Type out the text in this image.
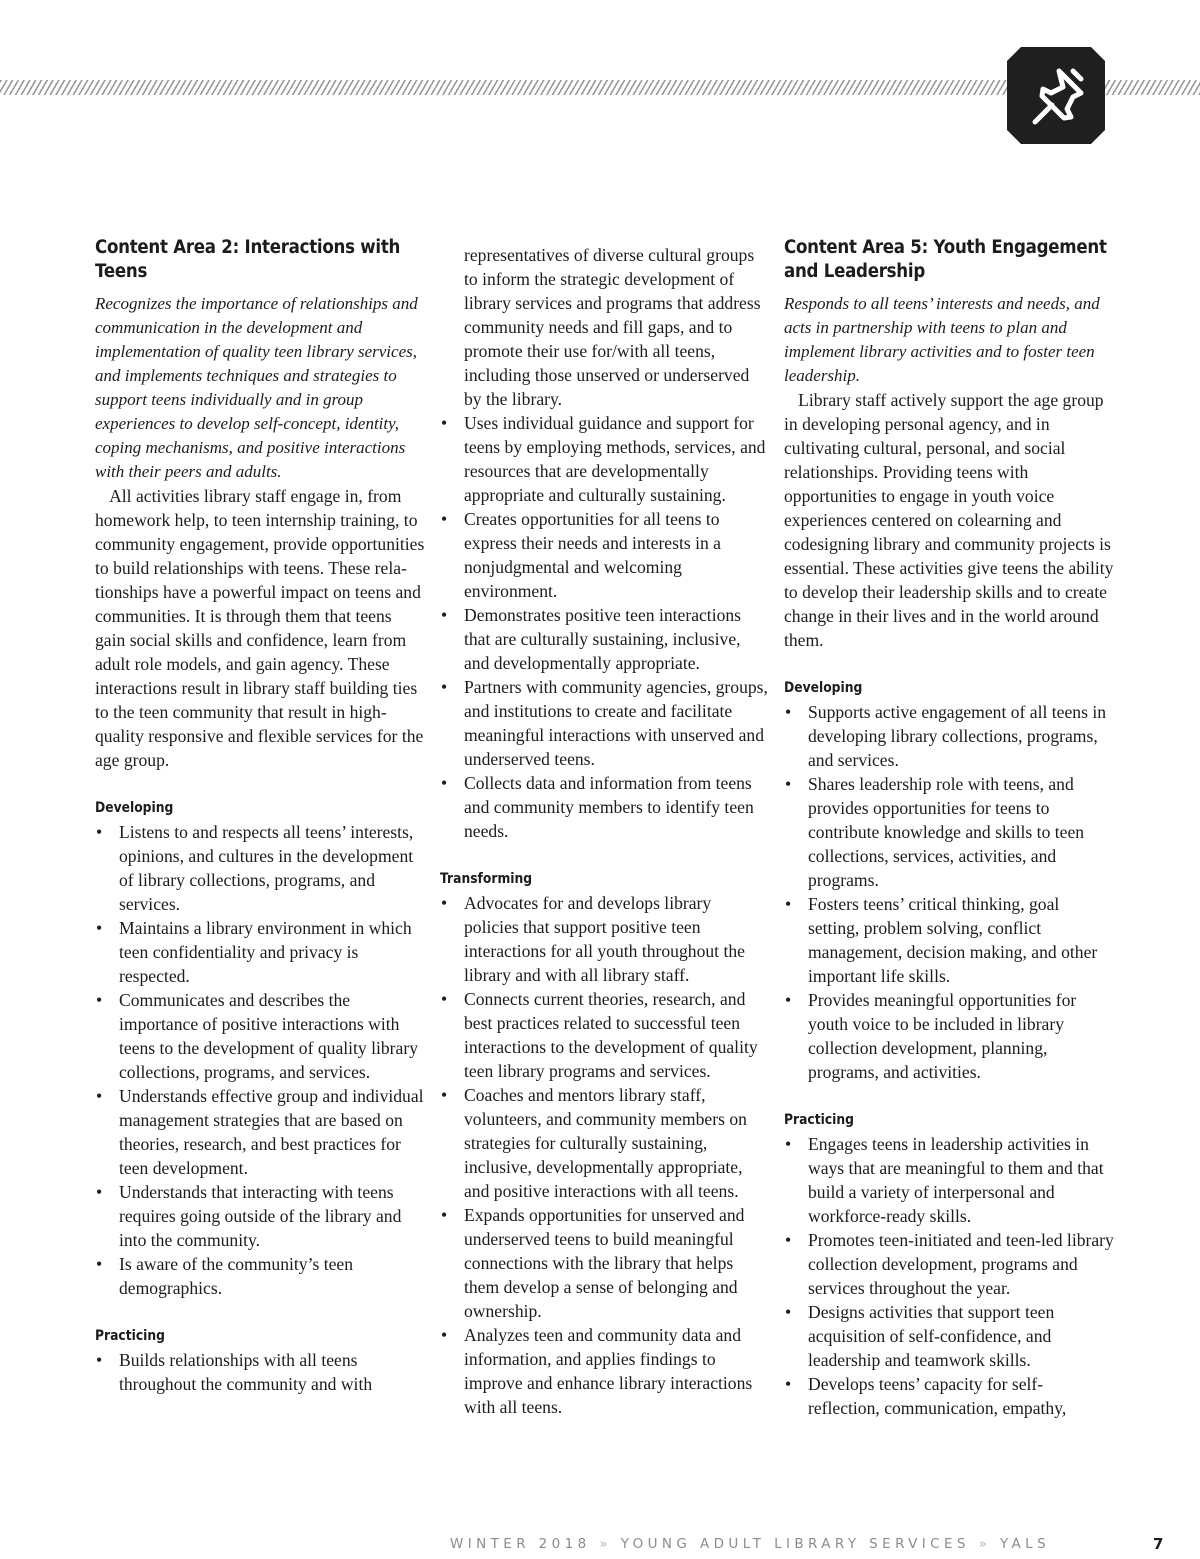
Content Area 2: Interactions with Teens

Recognizes the importance of relationships and communication in the development and implementation of quality teen library services, and implements techniques and strategies to support teens individually and in group experiences to develop self-concept, identity, coping mechanisms, and positive interactions with their peers and adults.

All activities library staff engage in, from homework help, to teen internship training, to community engagement, provide opportunities to build relationships with teens. These relationships have a powerful impact on teens and communities. It is through them that teens gain social skills and confidence, learn from adult role models, and gain agency. These interactions result in library staff building ties to the teen community that result in high-quality responsive and flexible services for the age group.

Developing
• Listens to and respects all teens’ interests, opinions, and cultures in the development of library collections, programs, and services.
• Maintains a library environment in which teen confidentiality and privacy is respected.
• Communicates and describes the importance of positive interactions with teens to the development of quality library collections, programs, and services.
• Understands effective group and individual management strategies that are based on theories, research, and best practices for teen development.
• Understands that interacting with teens requires going outside of the library and into the community.
• Is aware of the community’s teen demographics.
Practicing
• Builds relationships with all teens throughout the community and with

representatives of diverse cultural groups to inform the strategic development of library services and programs that address community needs and fill gaps, and to promote their use for/with all teens, including those unserved or underserved by the library.

• Uses individual guidance and support for teens by employing methods, services, and resources that are developmentally appropriate and culturally sustaining.
• Creates opportunities for all teens to express their needs and interests in a nonjudgmental and welcoming environment.
• Demonstrates positive teen interactions that are culturally sustaining, inclusive, and developmentally appropriate.
• Partners with community agencies, groups, and institutions to create and facilitate meaningful interactions with unserved and underserved teens.
• Collects data and information from teens and community members to identify teen needs.
Transforming
• Advocates for and develops library policies that support positive teen interactions for all youth throughout the library and with all library staff.
• Connects current theories, research, and best practices related to successful teen interactions to the development of quality teen library programs and services.
• Coaches and mentors library staff, volunteers, and community members on strategies for culturally sustaining, inclusive, developmentally appropriate, and positive interactions with all teens.
• Expands opportunities for unserved and underserved teens to build meaningful connections with the library that helps them develop a sense of belonging and ownership.
• Analyzes teen and community data and information, and applies findings to improve and enhance library interactions with all teens.
Content Area 5: Youth Engagement and Leadership

Responds to all teens’ interests and needs, and acts in partnership with teens to plan and implement library activities and to foster teen leadership.

Library staff actively support the age group in developing personal agency, and in cultivating cultural, personal, and social relationships. Providing teens with opportunities to engage in youth voice experiences centered on colearning and codesigning library and community projects is essential. These activities give teens the ability to develop their leadership skills and to create change in their lives and in the world around them.

Developing
• Supports active engagement of all teens in developing library collections, programs, and services.
• Shares leadership role with teens, and provides opportunities for teens to contribute knowledge and skills to teen collections, services, activities, and programs.
• Fosters teens’ critical thinking, goal setting, problem solving, conflict management, decision making, and other important life skills.
• Provides meaningful opportunities for youth voice to be included in library collection development, planning, programs, and activities.
Practicing
• Engages teens in leadership activities in ways that are meaningful to them and that build a variety of interpersonal and workforce-ready skills.
• Promotes teen-initiated and teen-led library collection development, programs and services throughout the year.
• Designs activities that support teen acquisition of self-confidence, and leadership and teamwork skills.
• Develops teens’ capacity for self-reflection, communication, empathy,
WINTER 2018 » YOUNG ADULT LIBRARY SERVICES » YALS	7
